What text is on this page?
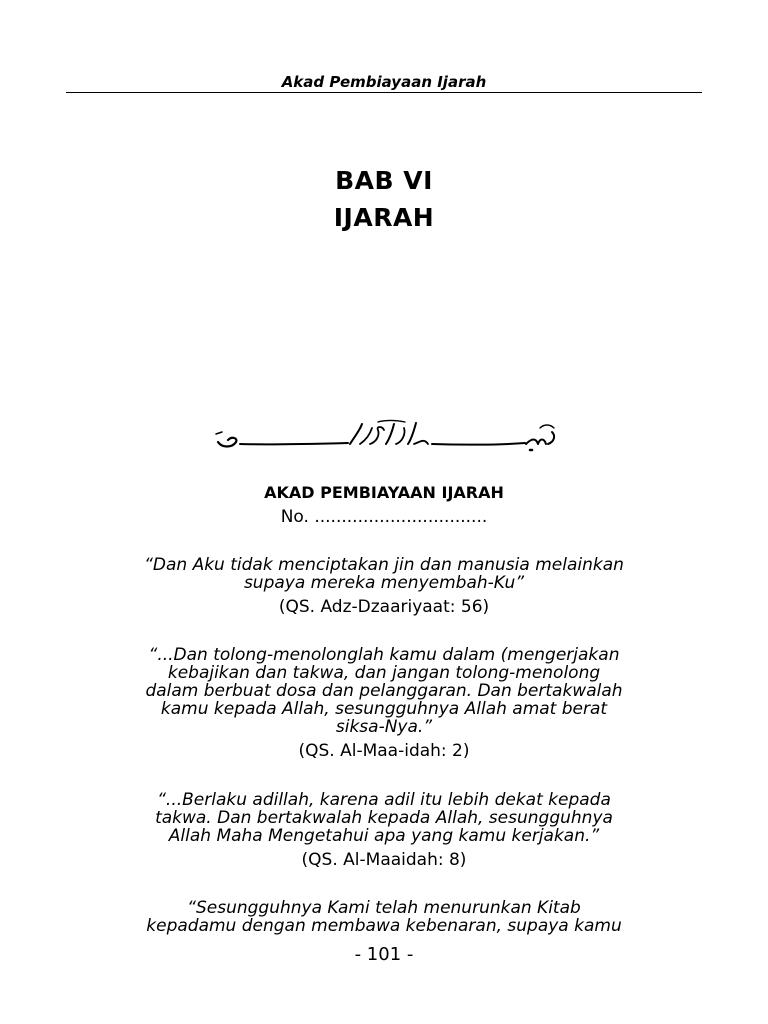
Akad Pembiayaan Ijarah
BAB VI
IJARAH
AKAD PEMBIAYAAN IJARAH
No. ................................
“Dan Aku tidak menciptakan jin dan manusia melainkan
supaya mereka menyembah-Ku”
(QS. Adz-Dzaariyaat: 56)
“...Dan tolong-menolonglah kamu dalam (mengerjakan
kebajikan dan takwa, dan jangan tolong-menolong
dalam berbuat dosa dan pelanggaran. Dan bertakwalah
kamu kepada Allah, sesungguhnya Allah amat berat
siksa-Nya.”
(QS. Al-Maa-idah: 2)
“...Berlaku adillah, karena adil itu lebih dekat kepada
takwa. Dan bertakwalah kepada Allah, sesungguhnya
Allah Maha Mengetahui apa yang kamu kerjakan.”
(QS. Al-Maaidah: 8)
“Sesungguhnya Kami telah menurunkan Kitab
kepadamu dengan membawa kebenaran, supaya kamu
- 101 -
